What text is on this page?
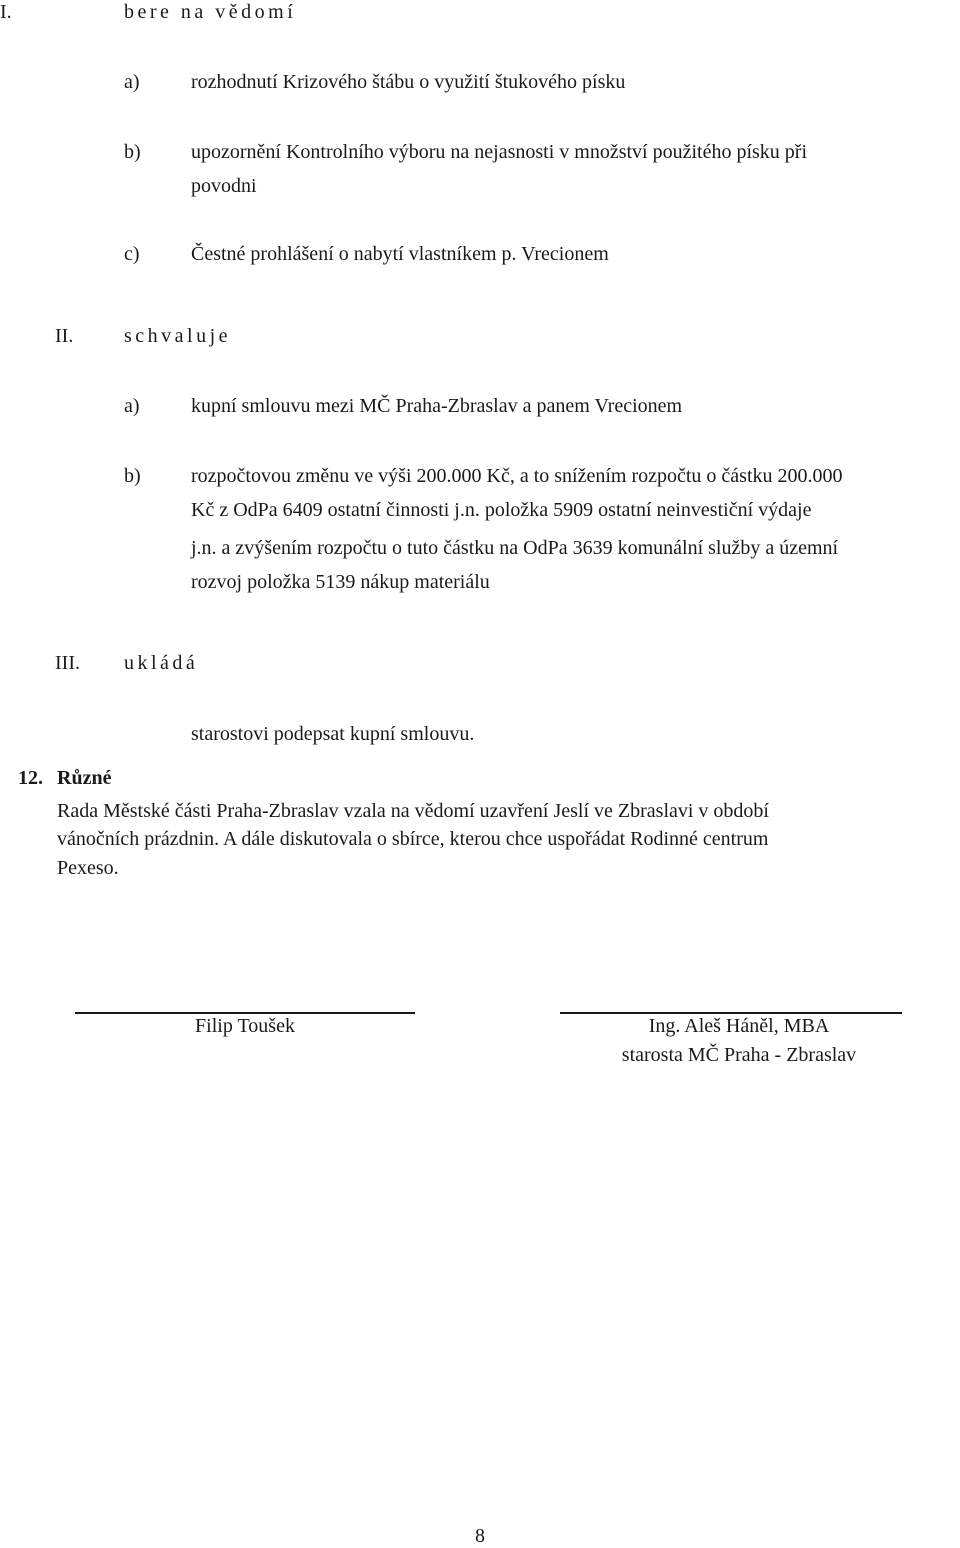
I.	bere na vědomí
a)	rozhodnutí Krizového štábu o využití štukového písku
b)	upozornění Kontrolního výboru na nejasnosti v množství použitého písku při
povodni
c)	Čestné prohlášení o nabytí vlastníkem p. Vrecionem
II.	schvaluje
a)	kupní smlouvu mezi MČ Praha-Zbraslav a panem Vrecionem
b)	rozpočtovou změnu ve výši 200.000 Kč, a to snížením rozpočtu o částku 200.000
Kč z OdPa 6409 ostatní činnosti j.n. položka 5909 ostatní neinvestiční výdaje
j.n. a zvýšením rozpočtu o tuto částku na OdPa 3639 komunální služby a územní
rozvoj položka 5139 nákup materiálu
III. ukládá
starostovi podepsat kupní smlouvu.
12. Různé
Rada Městské části Praha-Zbraslav vzala na vědomí uzavření Jeslí ve Zbraslavi v období
vánočních prázdnin. A dále diskutovala o sbírce, kterou chce uspořádat Rodinné centrum
Pexeso.
Filip Toušek	Ing. Aleš Háněl, MBA
starosta MČ Praha - Zbraslav
8
